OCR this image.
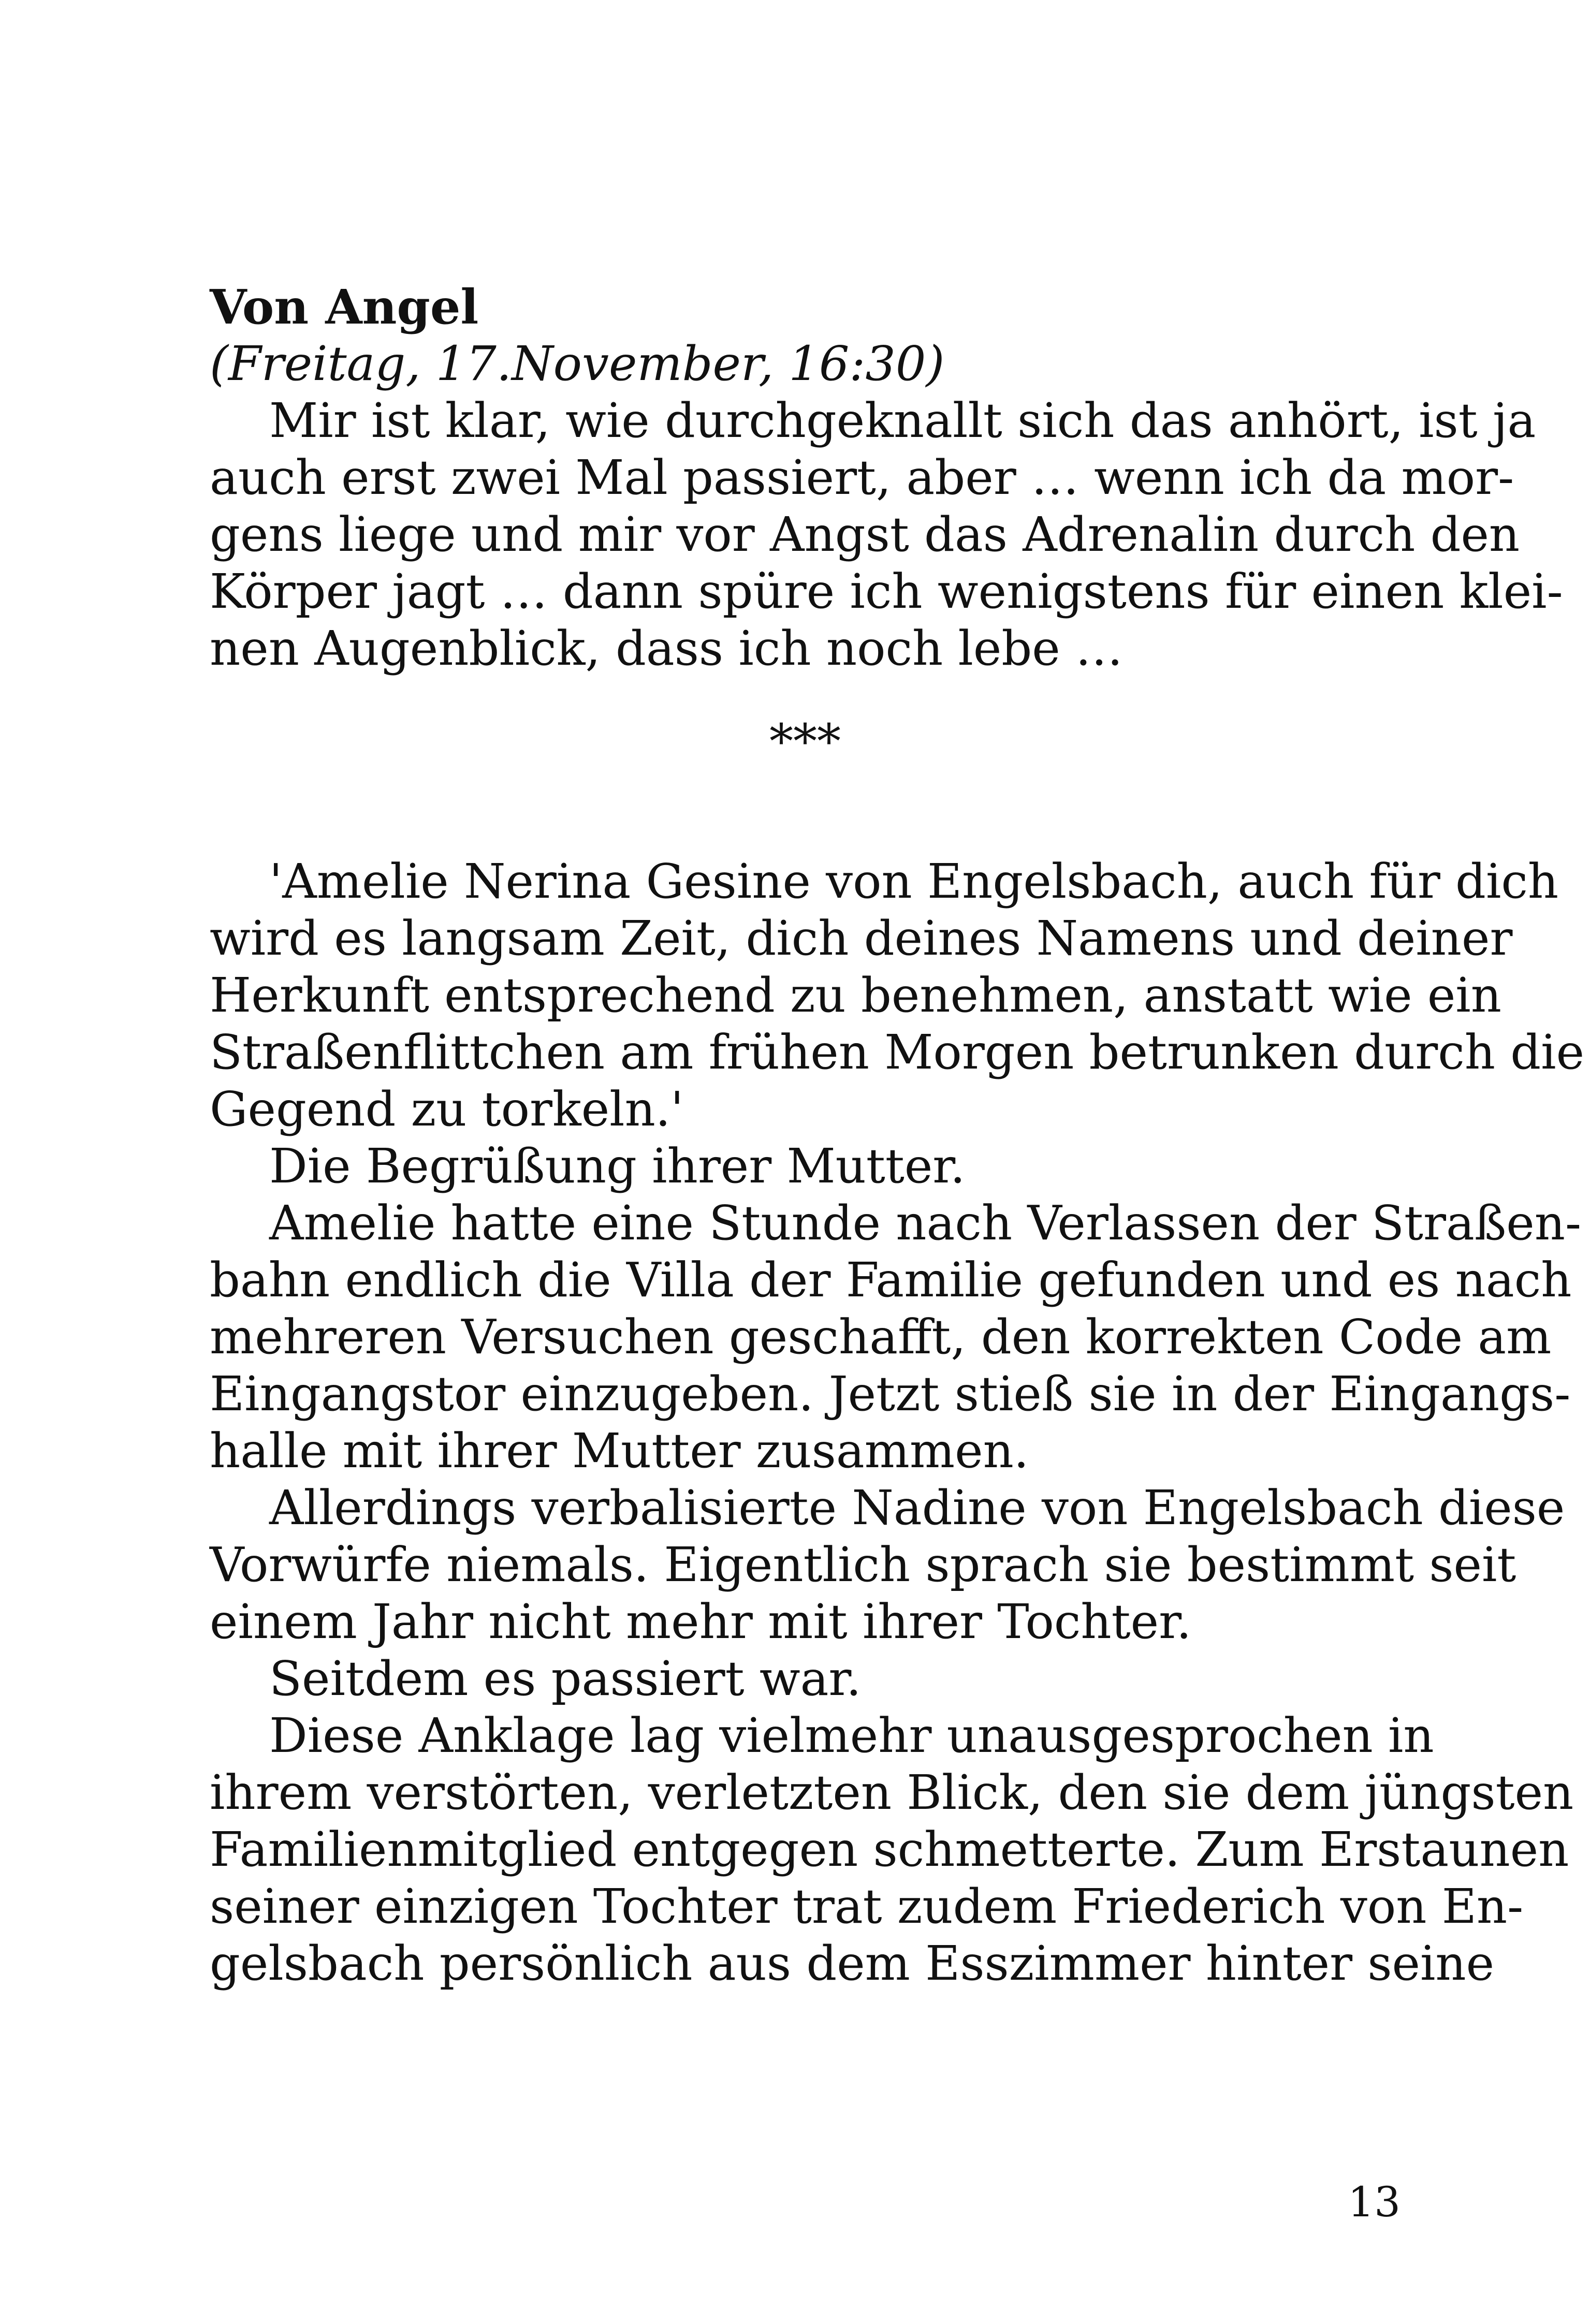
Von Angel
(Freitag, 17.November, 16:30)
Mir ist klar, wie durchgeknallt sich das anhört, ist ja
auch erst zwei Mal passiert, aber … wenn ich da mor-
gens liege und mir vor Angst das Adrenalin durch den
Körper jagt … dann spüre ich wenigstens für einen klei-
nen Augenblick, dass ich noch lebe …
***
'Amelie Nerina Gesine von Engelsbach, auch für dich
wird es langsam Zeit, dich deines Namens und deiner
Herkunft entsprechend zu benehmen, anstatt wie ein
Straßenflittchen am frühen Morgen betrunken durch die
Gegend zu torkeln.'
Die Begrüßung ihrer Mutter.
Amelie hatte eine Stunde nach Verlassen der Straßen-
bahn endlich die Villa der Familie gefunden und es nach
mehreren Versuchen geschafft, den korrekten Code am
Eingangstor einzugeben. Jetzt stieß sie in der Eingangs-
halle mit ihrer Mutter zusammen.
Allerdings verbalisierte Nadine von Engelsbach diese
Vorwürfe niemals. Eigentlich sprach sie bestimmt seit
einem Jahr nicht mehr mit ihrer Tochter.
Seitdem es passiert war.
Diese Anklage lag vielmehr unausgesprochen in
ihrem verstörten, verletzten Blick, den sie dem jüngsten
Familienmitglied entgegen schmetterte. Zum Erstaunen
seiner einzigen Tochter trat zudem Friederich von En-
gelsbach persönlich aus dem Esszimmer hinter seine
13
